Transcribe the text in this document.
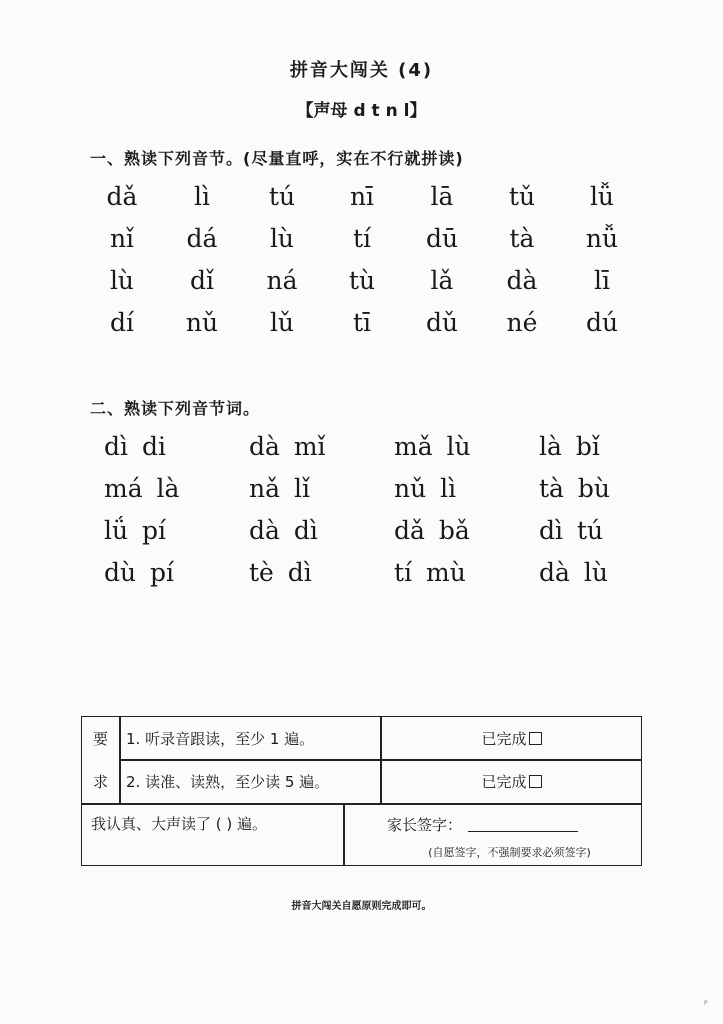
拼音大闯关 (4)
【声母 d t n l】
一、熟读下列音节。(尽量直呼，实在不行就拼读)
dǎ	lì	tú	nī	lā	tǔ	lǚ
nǐ	dá	lù	tí	dū	tà	nǚ
lù	dǐ	ná	tù	lǎ	dà	lī
dí	nǔ	lǔ	tī	dǔ	né	dú
二、熟读下列音节词。
dì di	dà mǐ	mǎ lù	là bǐ
má là	nǎ lǐ	nǔ lì	tà bù
lǘ pí	dà dì	dǎ bǎ	dì tú
dù pí	tè dì	tí mù	dà lù
要
求
1. 听录音跟读，至少 1 遍。	已完成
2. 读准、读熟，至少读 5 遍。	已完成
我认真、大声读了 ( ) 遍。	家长签字：
(自愿签字，不强制要求必须签字)
拼音大闯关自愿原则完成即可。
P
